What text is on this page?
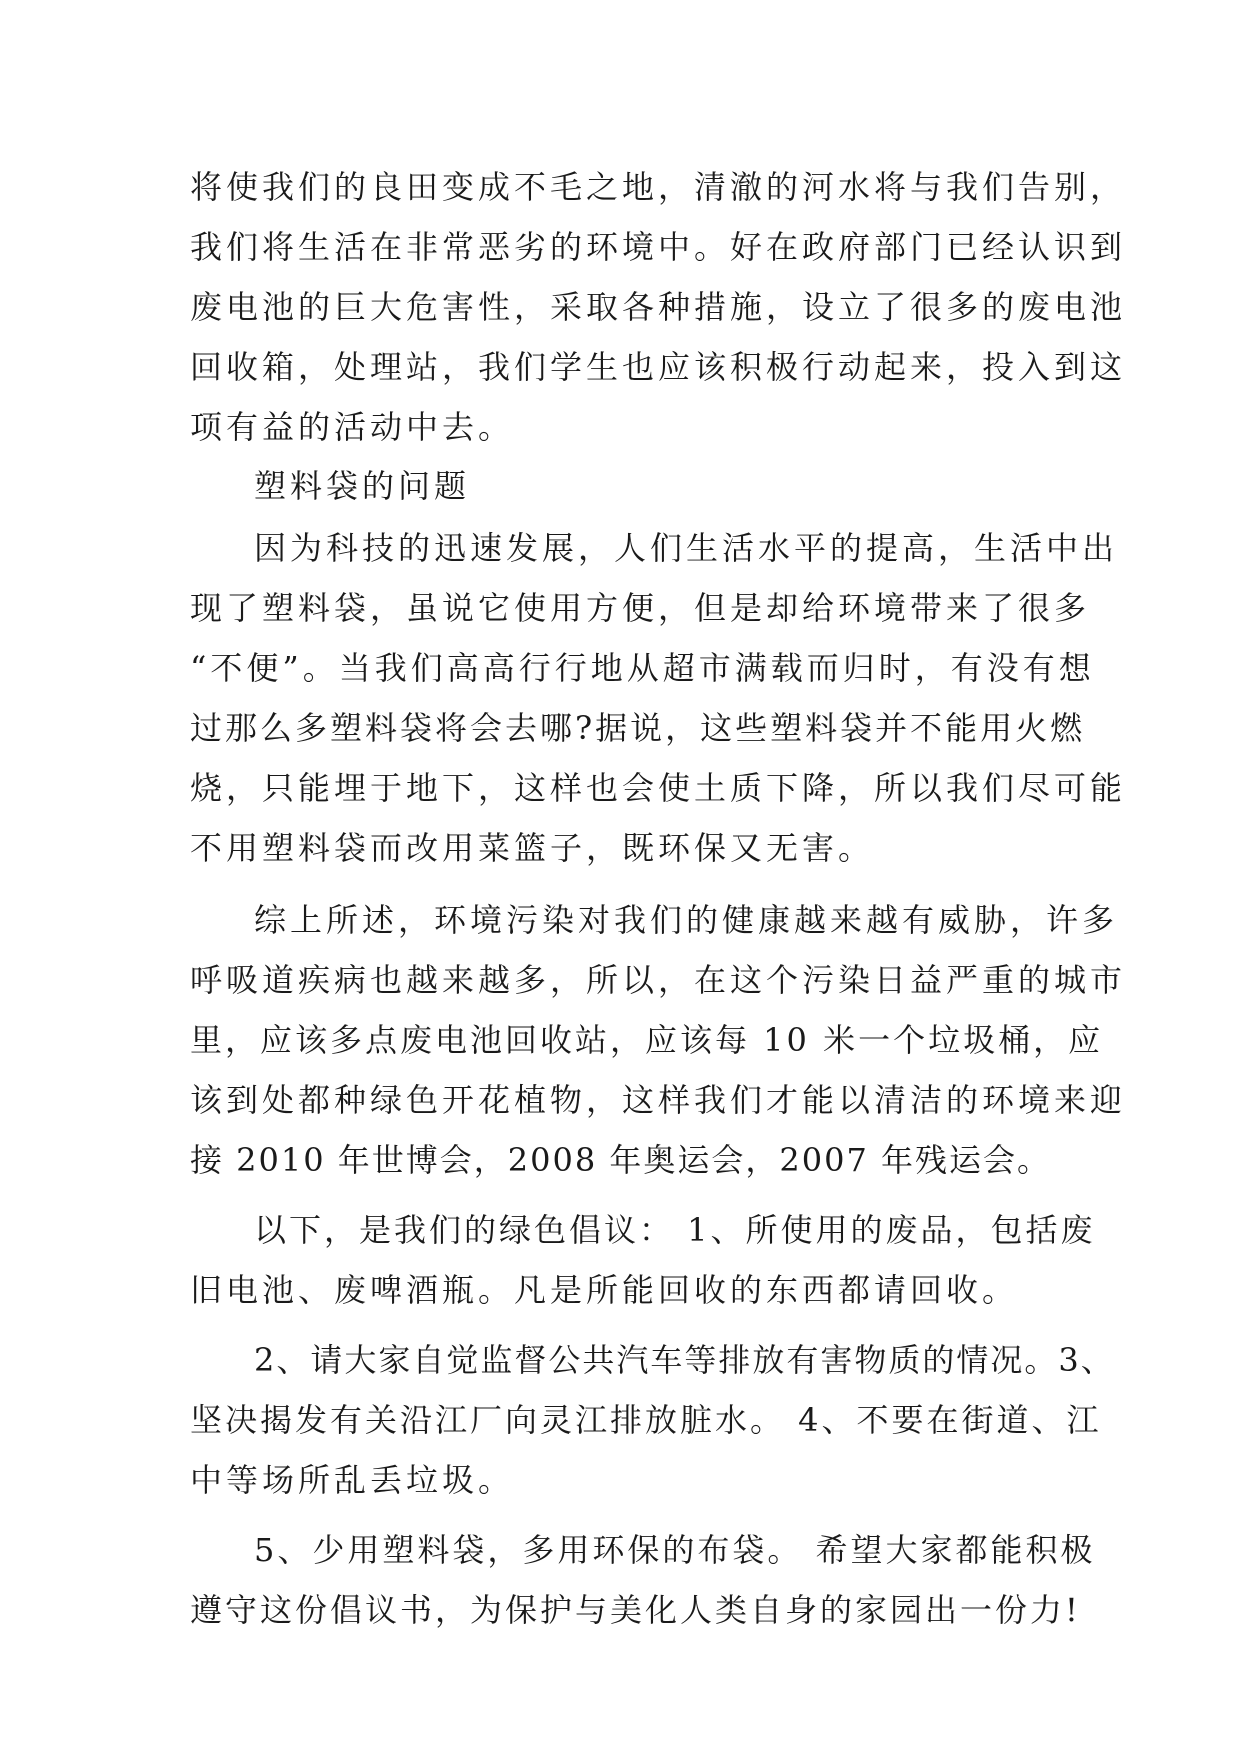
将使我们的良田变成不毛之地，清澈的河水将与我们告别，
我们将生活在非常恶劣的环境中。好在政府部门已经认识到
废电池的巨大危害性，采取各种措施，设立了很多的废电池
回收箱，处理站，我们学生也应该积极行动起来，投入到这
项有益的活动中去。
塑料袋的问题
因为科技的迅速发展，人们生活水平的提高，生活中出
现了塑料袋，虽说它使用方便，但是却给环境带来了很多
“不便”。当我们高高行行地从超市满载而归时，有没有想
过那么多塑料袋将会去哪?据说，这些塑料袋并不能用火燃
烧，只能埋于地下，这样也会使土质下降，所以我们尽可能
不用塑料袋而改用菜篮子，既环保又无害。
综上所述，环境污染对我们的健康越来越有威胁，许多
呼吸道疾病也越来越多，所以，在这个污染日益严重的城市
里，应该多点废电池回收站，应该每 10 米一个垃圾桶，应
该到处都种绿色开花植物，这样我们才能以清洁的环境来迎
接 2010 年世博会，2008 年奥运会，2007 年残运会。
以下，是我们的绿色倡议： 1、所使用的废品，包括废
旧电池、废啤酒瓶。凡是所能回收的东西都请回收。
2、请大家自觉监督公共汽车等排放有害物质的情况。3、
坚决揭发有关沿江厂向灵江排放脏水。 4、不要在街道、江
中等场所乱丢垃圾。
5、少用塑料袋，多用环保的布袋。 希望大家都能积极
遵守这份倡议书，为保护与美化人类自身的家园出一份力!
